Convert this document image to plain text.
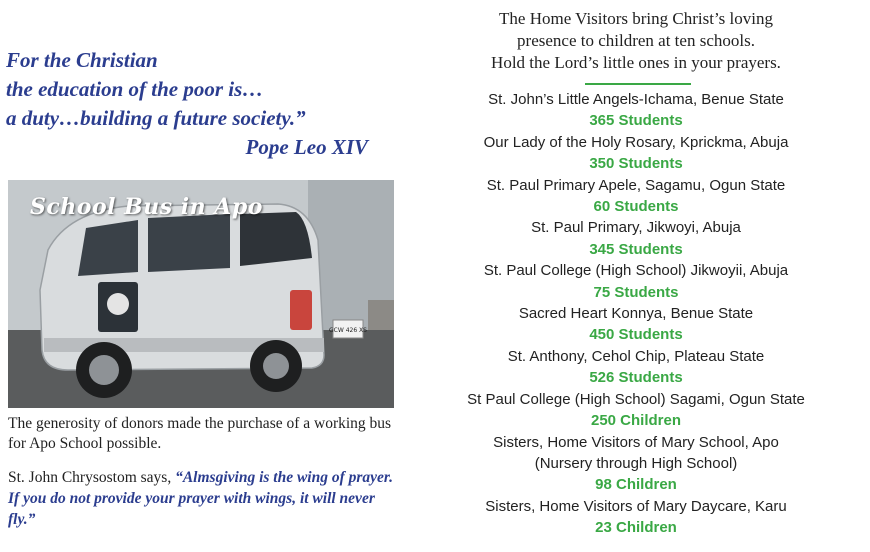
For the Christian
the education of the poor is…
a duty…building a future society.”
Pope Leo XIV
GCW 426 XS
School Bus in Apo
The generosity of donors made the purchase of a working bus for Apo School possible.
St. John Chrysostom says, “Almsgiving is the wing of prayer. If you do not provide your prayer with wings, it will never fly.”
The Home Visitors bring Christ’s loving
presence to children at ten schools.
Hold the Lord’s little ones in your prayers.
St. John’s Little Angels-Ichama, Benue State
365 Students
Our Lady of the Holy Rosary, Kprickma, Abuja
350 Students
St. Paul Primary Apele, Sagamu, Ogun State
60 Students
St. Paul Primary, Jikwoyi, Abuja
345 Students
St. Paul College (High School) Jikwoyii, Abuja
75 Students
Sacred Heart Konnya, Benue State
450 Students
St. Anthony, Cehol Chip, Plateau State
526 Students
St Paul College (High School) Sagami, Ogun State
250 Children
Sisters, Home Visitors of Mary School, Apo
(Nursery through High School)
98 Children
Sisters, Home Visitors of Mary Daycare, Karu
23 Children
